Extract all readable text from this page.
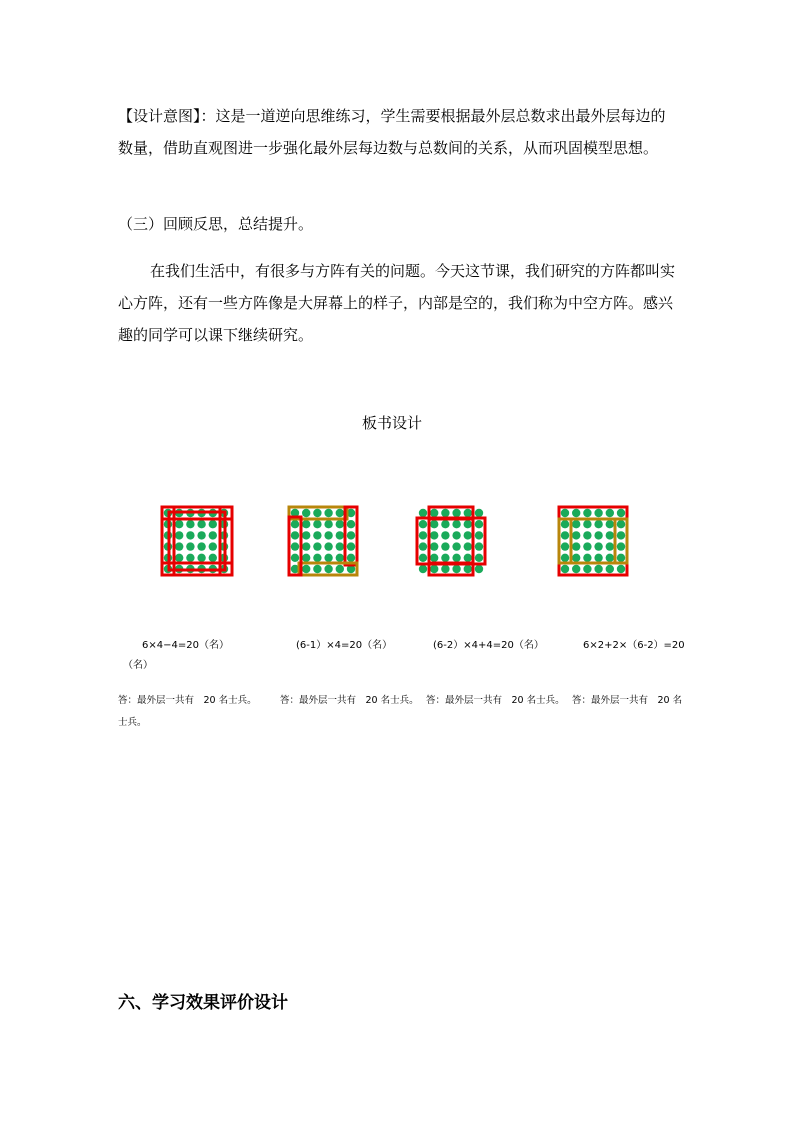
【设计意图】：这是一道逆向思维练习，学生需要根据最外层总数求出最外层每边的数量，借助直观图进一步强化最外层每边数与总数间的关系，从而巩固模型思想。

（三）回顾反思，总结提升。

在我们生活中，有很多与方阵有关的问题。今天这节课，我们研究的方阵都叫实心方阵，还有一些方阵像是大屏幕上的样子，内部是空的，我们称为中空方阵。感兴趣的同学可以课下继续研究。

板书设计

6×4−4=20（名）	(6-1）×4=20（名）	(6-2）×4+4=20（名）	6×2+2×（6-2）=20

（名）

答：最外层一共有　20 名士兵。 答：最外层一共有　20 名士兵。 答：最外层一共有　20 名士兵。 答：最外层一共有　20 名

士兵。

六、学习效果评价设计
